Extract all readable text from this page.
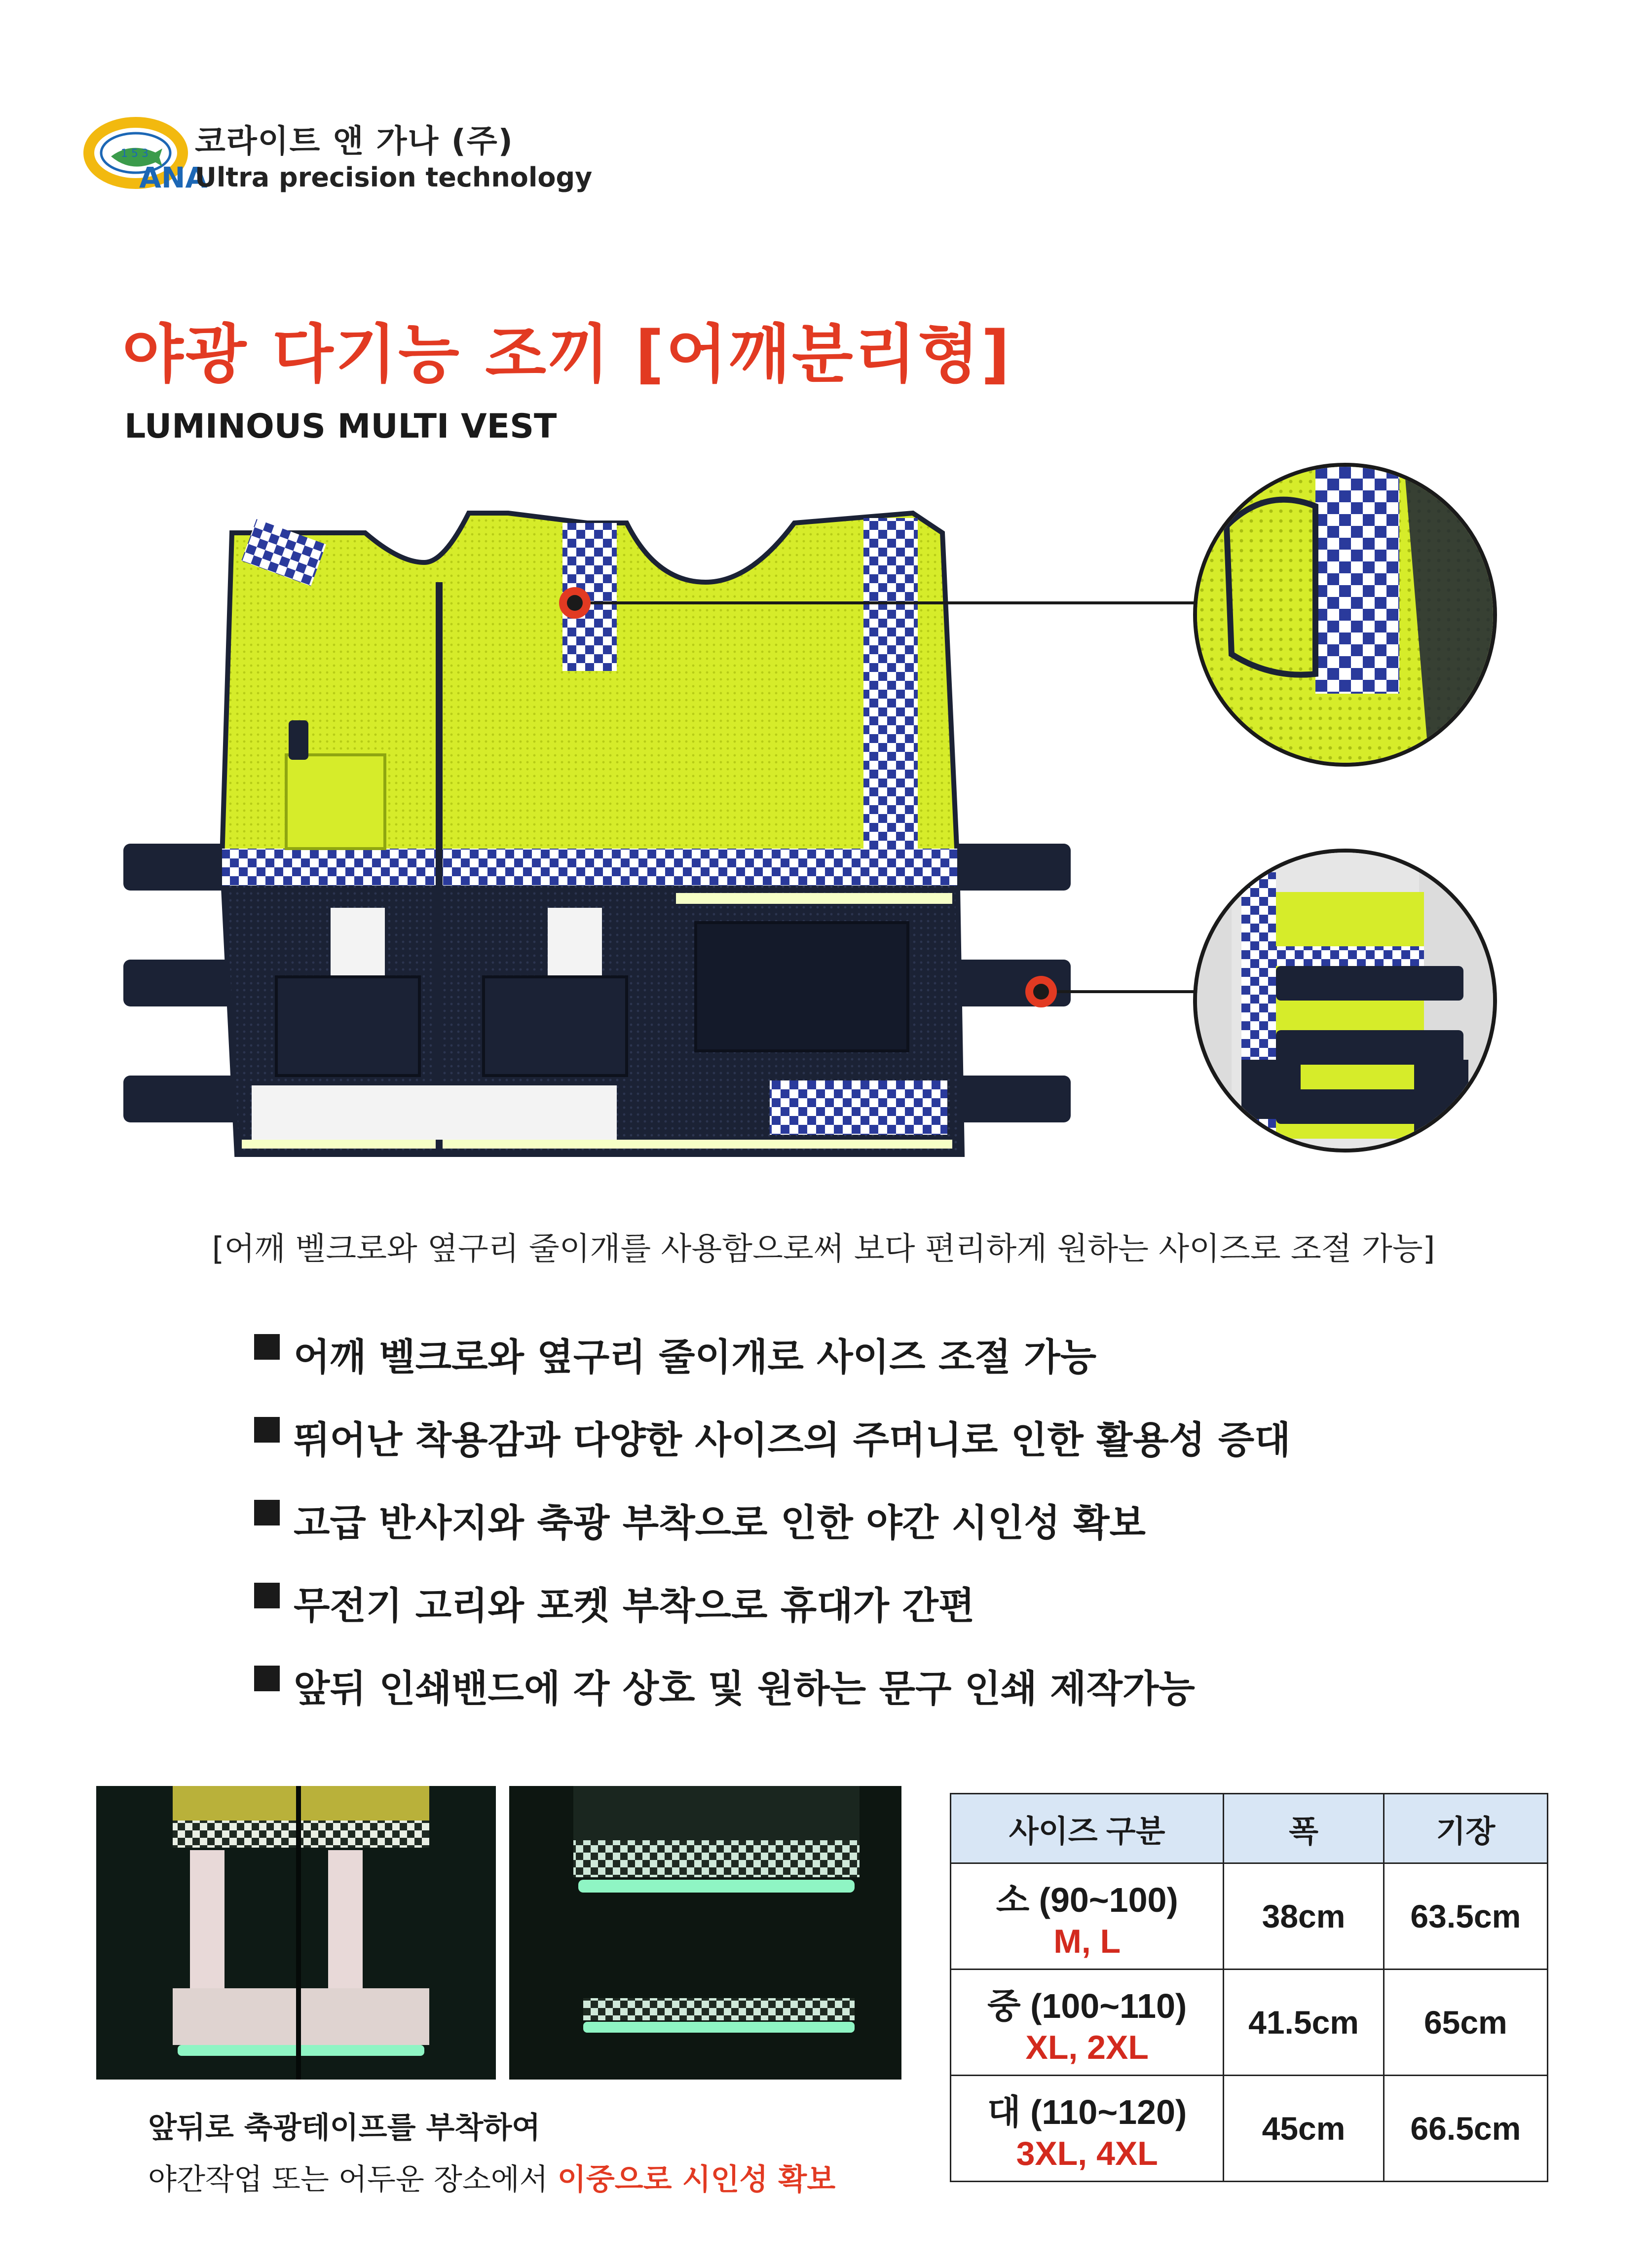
1 5 3
ANA
코라이트 앤 가나 (주)
Ultra precision technology
야광 다기능 조끼 [어깨분리형]
LUMINOUS MULTI VEST
[어깨 벨크로와 옆구리 줄이개를 사용함으로써 보다 편리하게 원하는 사이즈로 조절 가능]
어깨 벨크로와 옆구리 줄이개로 사이즈 조절 가능
뛰어난 착용감과 다양한 사이즈의 주머니로 인한 활용성 증대
고급 반사지와 축광 부착으로 인한 야간 시인성 확보
무전기 고리와 포켓 부착으로 휴대가 간편
앞뒤 인쇄밴드에 각 상호 및 원하는 문구 인쇄 제작가능
앞뒤로 축광테이프를 부착하여
야간작업 또는 어두운 장소에서 이중으로 시인성 확보
사이즈 구분	폭	기장

소 (90~100)
M, L	38cm	63.5cm

중 (100~110)
XL, 2XL	41.5cm	65cm

대 (110~120)
3XL, 4XL	45cm	66.5cm
